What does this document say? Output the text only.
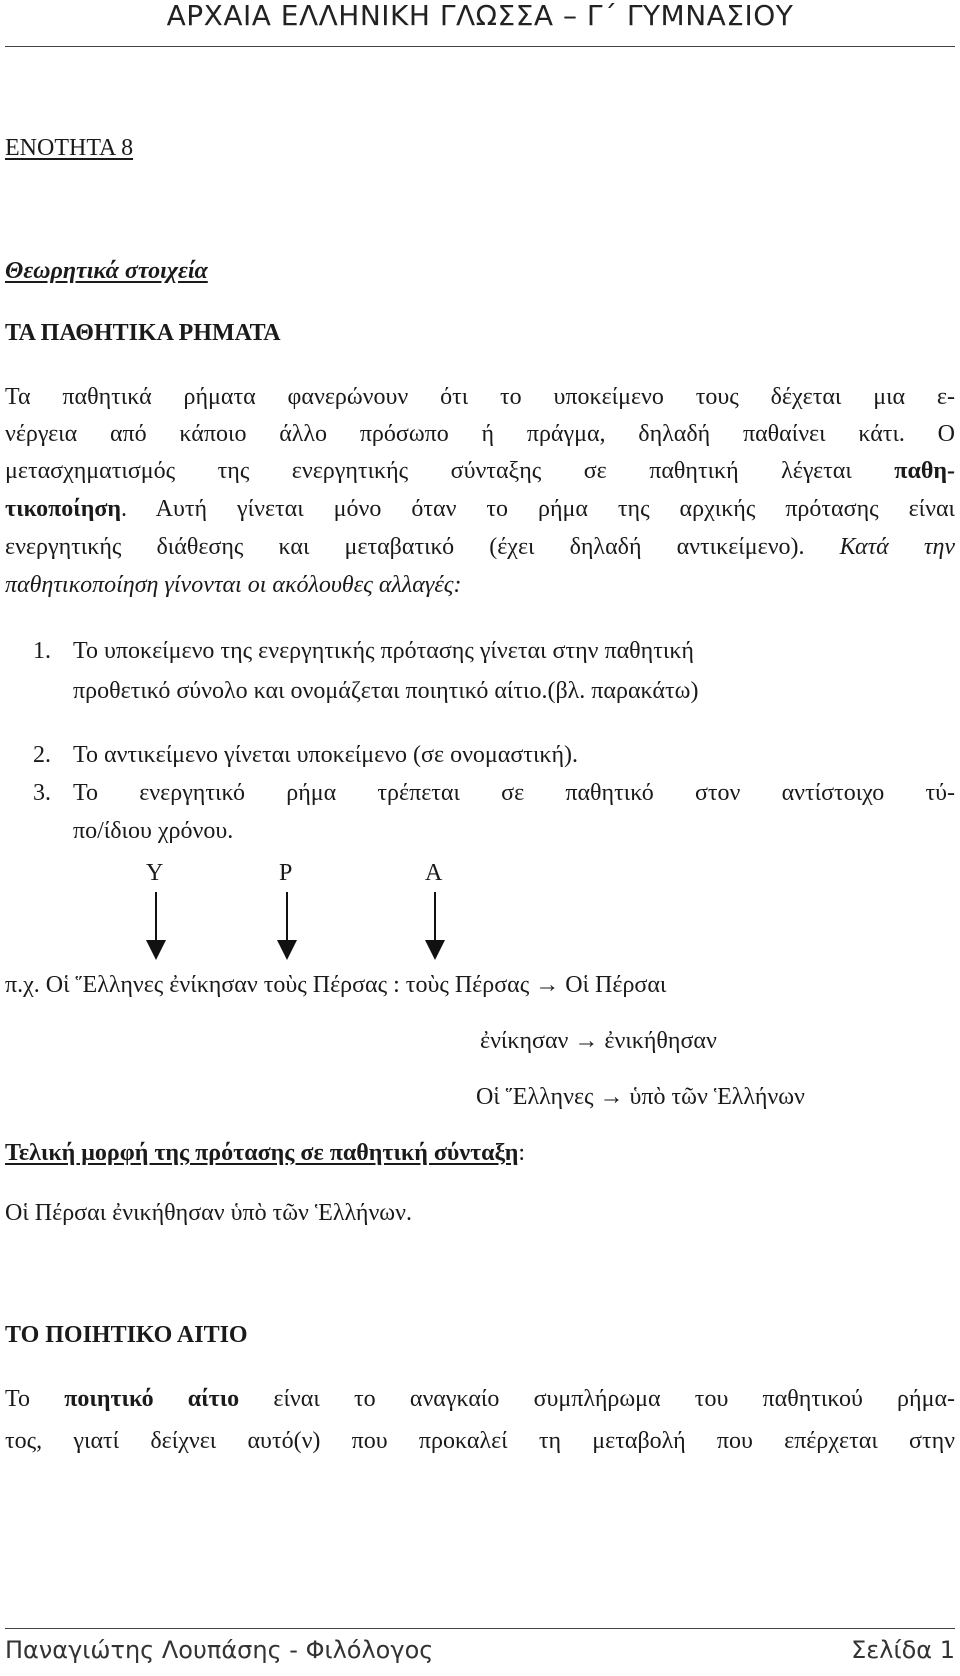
ΑΡΧΑΙΑ ΕΛΛΗΝΙΚΗ ΓΛΩΣΣΑ – Γ΄ ΓΥΜΝΑΣΙΟΥ
ΕΝΟΤΗΤΑ 8
Θεωρητικά στοιχεία
ΤΑ ΠΑΘΗΤΙΚΑ ΡΗΜΑΤΑ
Τα παθητικά ρήματα φανερώνουν ότι το υποκείμενο τους δέχεται μια ε-
νέργεια από κάποιο άλλο πρόσωπο ή πράγμα, δηλαδή παθαίνει κάτι. Ο
μετασχηματισμός της ενεργητικής σύνταξης σε παθητική λέγεται παθη-
τικοποίηση. Αυτή γίνεται μόνο όταν το ρήμα της αρχικής πρότασης είναι
ενεργητικής διάθεσης και μεταβατικό (έχει δηλαδή αντικείμενο). Κατά την
παθητικοποίηση γίνονται οι ακόλουθες αλλαγές:
1. Το υποκείμενο της ενεργητικής πρότασης γίνεται στην παθητική
προθετικό σύνολο και ονομάζεται ποιητικό αίτιο.(βλ. παρακάτω)
2. Το αντικείμενο γίνεται υποκείμενο (σε ονομαστική).
3. Το ενεργητικό ρήμα τρέπεται σε παθητικό στον αντίστοιχο τύ-
πο/ίδιου χρόνου.
Υ	Ρ	Α
π.χ. Οἱ Ἕλληνες ἐνίκησαν τοὺς Πέρσας : τοὺς Πέρσας → Οἱ Πέρσαι
ἐνίκησαν → ἐνικήθησαν
Οἱ Ἕλληνες → ὑπὸ τῶν Ἑλλήνων
Τελική μορφή της πρότασης σε παθητική σύνταξη:
Οἱ Πέρσαι ἐνικήθησαν ὑπὸ τῶν Ἑλλήνων.
ΤΟ ΠΟΙΗΤΙΚΟ ΑΙΤΙΟ
Το ποιητικό αίτιο είναι το αναγκαίο συμπλήρωμα του παθητικού ρήμα-
τος, γιατί δείχνει αυτό(ν) που προκαλεί τη μεταβολή που επέρχεται στην
Παναγιώτης Λουπάσης - Φιλόλογος	Σελίδα 1
